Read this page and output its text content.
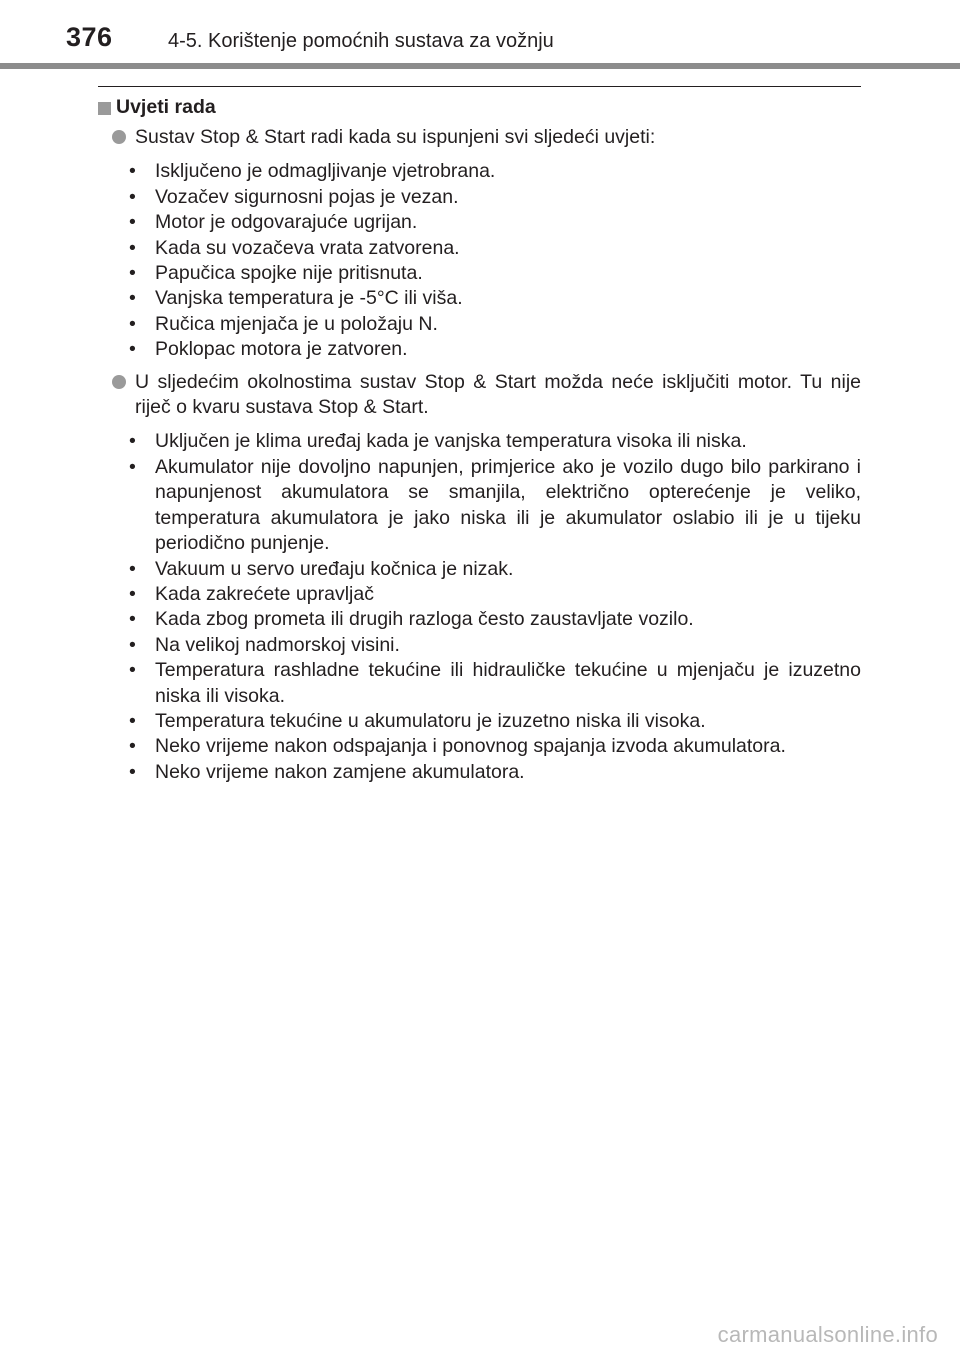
376	4-5. Korištenje pomoćnih sustava za vožnju
Uvjeti rada
Sustav Stop & Start radi kada su ispunjeni svi sljedeći uvjeti:
• Isključeno je odmagljivanje vjetrobrana.
• Vozačev sigurnosni pojas je vezan.
• Motor je odgovarajuće ugrijan.
• Kada su vozačeva vrata zatvorena.
• Papučica spojke nije pritisnuta.
• Vanjska temperatura je -5°C ili viša.
• Ručica mjenjača je u položaju N.
• Poklopac motora je zatvoren.
U sljedećim okolnostima sustav Stop & Start možda neće isključiti motor. Tu nije riječ o kvaru sustava Stop & Start.
• Uključen je klima uređaj kada je vanjska temperatura visoka ili niska.
• Akumulator nije dovoljno napunjen, primjerice ako je vozilo dugo bilo parkirano i napunjenost akumulatora se smanjila, električno opterećenje je veliko, temperatura akumulatora je jako niska ili je akumulator oslabio ili je u tijeku periodično punjenje.
• Vakuum u servo uređaju kočnica je nizak.
• Kada zakrećete upravljač
• Kada zbog prometa ili drugih razloga često zaustavljate vozilo.
• Na velikoj nadmorskoj visini.
• Temperatura rashladne tekućine ili hidrauličke tekućine u mjenjaču je izuzetno niska ili visoka.
• Temperatura tekućine u akumulatoru je izuzetno niska ili visoka.
• Neko vrijeme nakon odspajanja i ponovnog spajanja izvoda akumulatora.
• Neko vrijeme nakon zamjene akumulatora.
carmanualsonline.info
